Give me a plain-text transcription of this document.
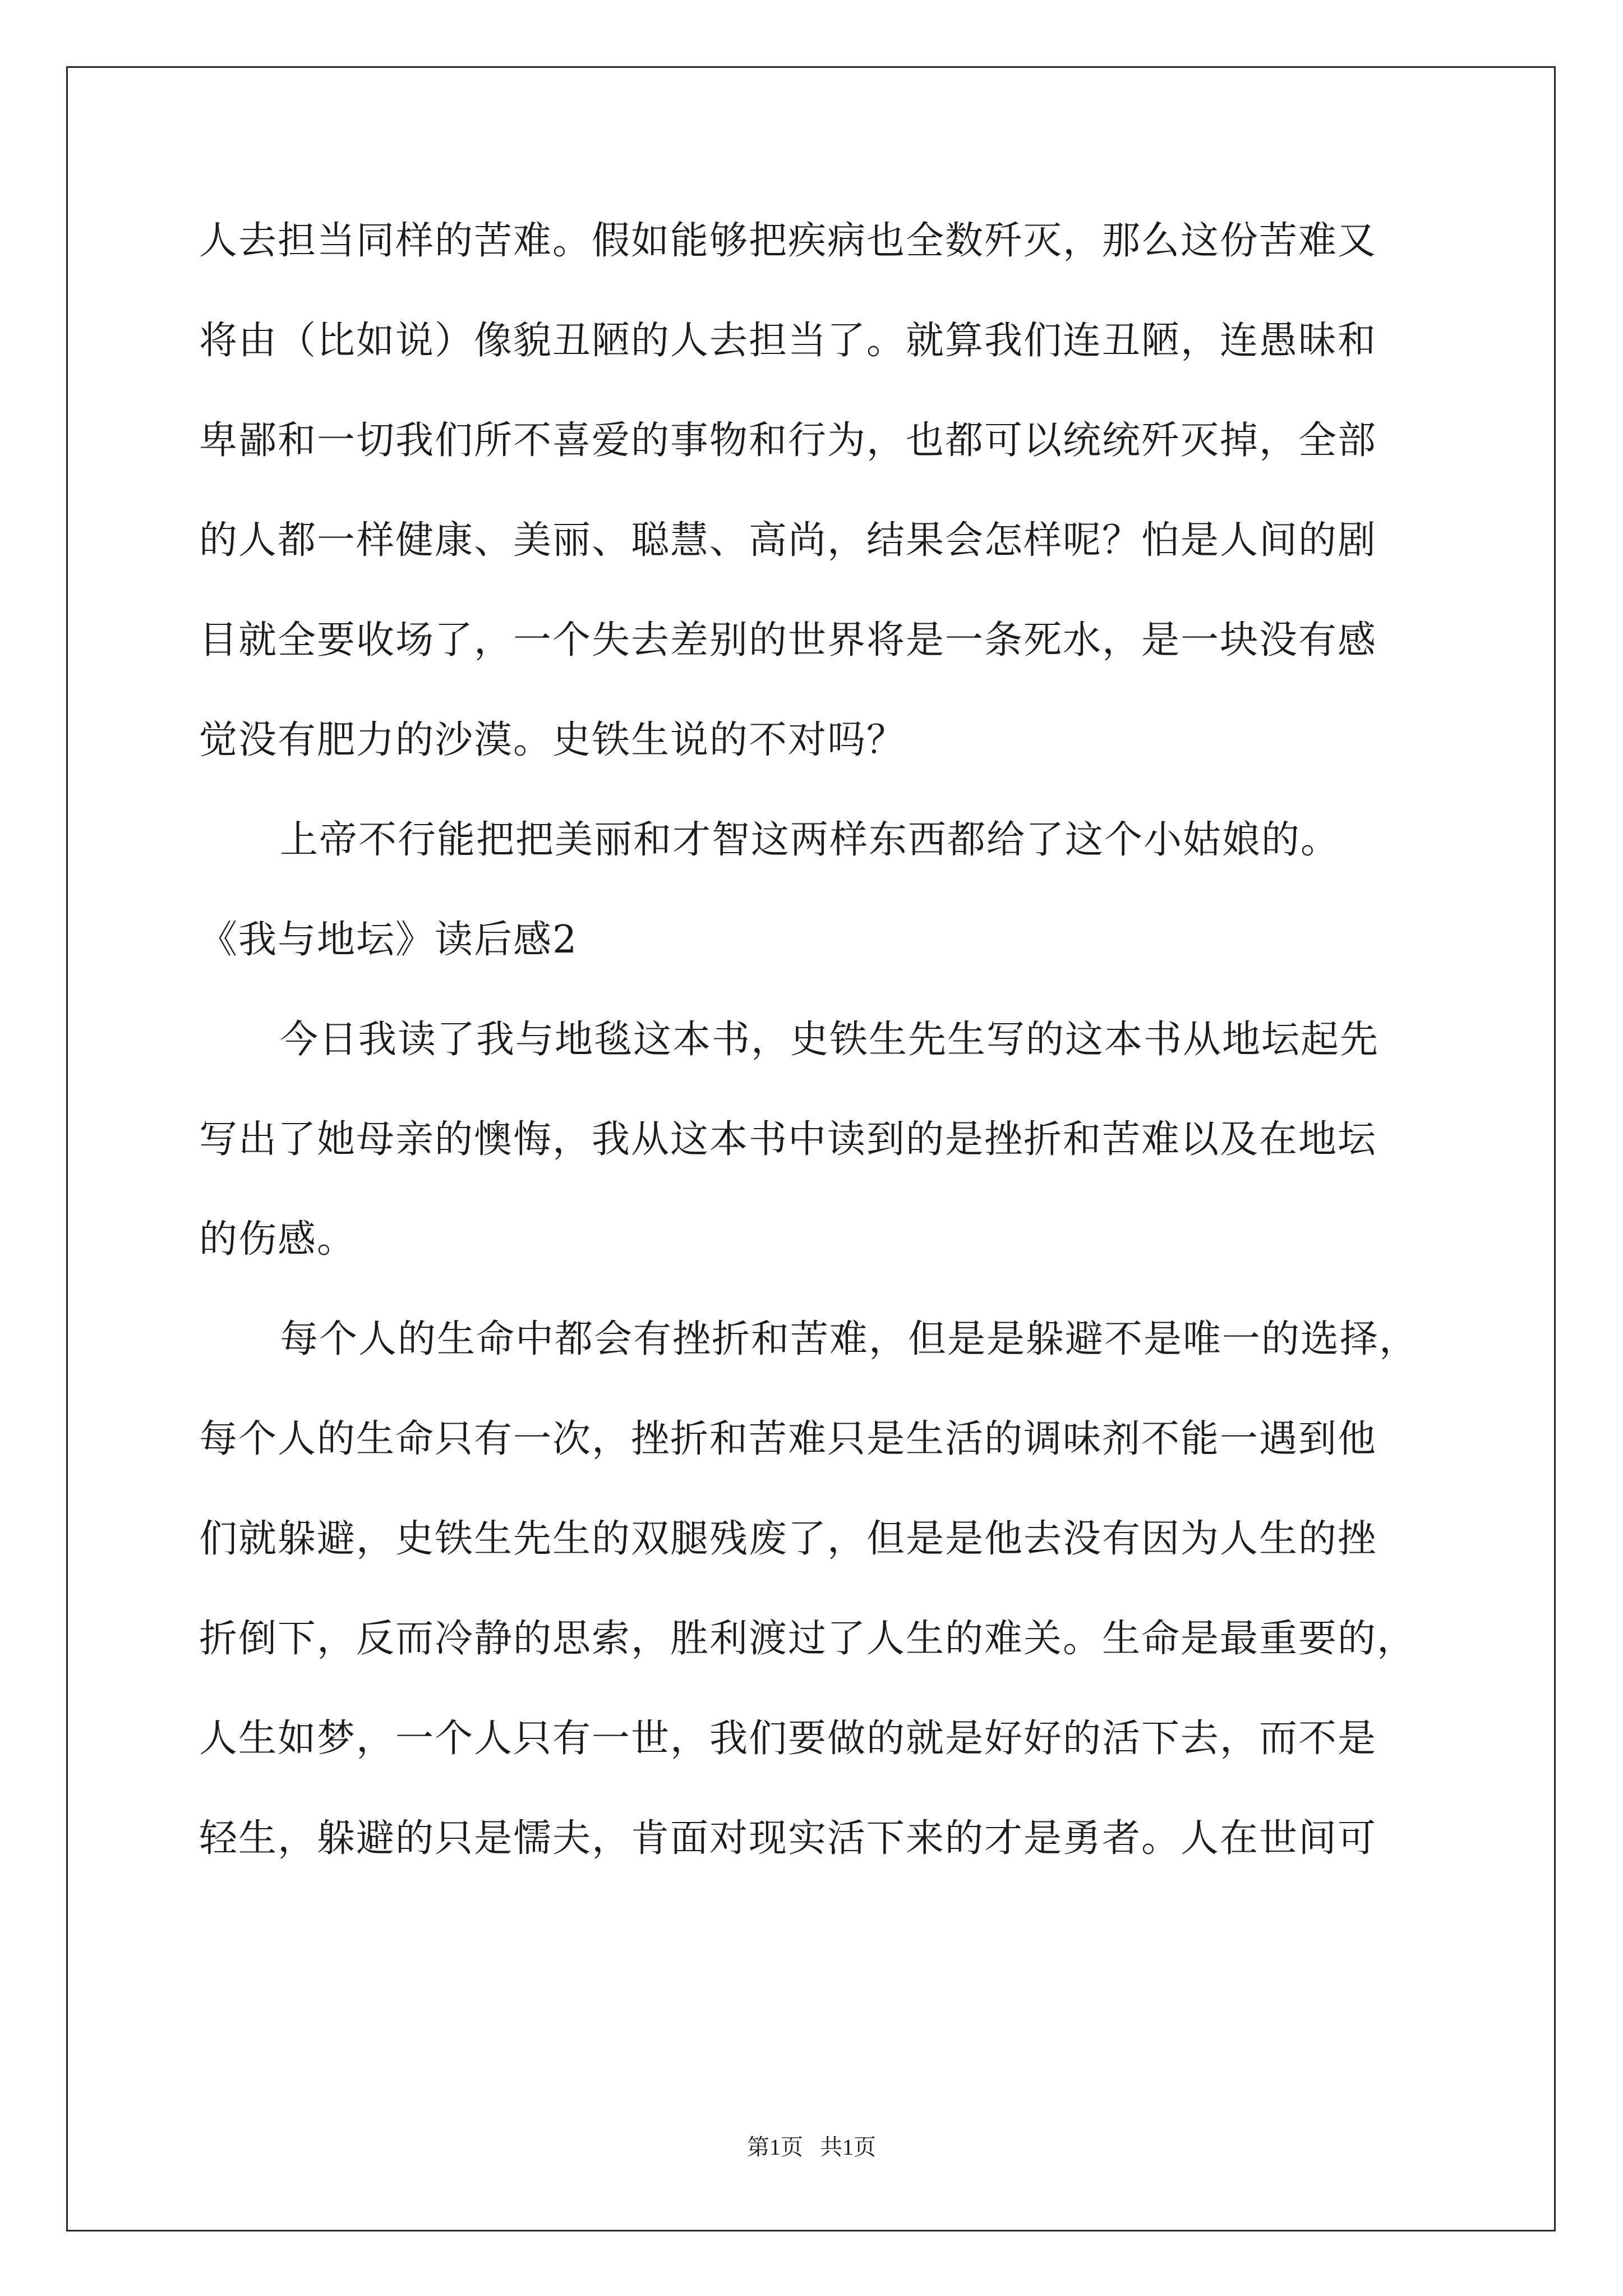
人去担当同样的苦难。假如能够把疾病也全数歼灭，那么这份苦难又
将由（比如说）像貌丑陋的人去担当了。就算我们连丑陋，连愚昧和
卑鄙和一切我们所不喜爱的事物和行为，也都可以统统歼灭掉，全部
的人都一样健康、美丽、聪慧、高尚，结果会怎样呢？怕是人间的剧
目就全要收场了，一个失去差别的世界将是一条死水，是一块没有感
觉没有肥力的沙漠。史铁生说的不对吗？
上帝不行能把把美丽和才智这两样东西都给了这个小姑娘的。
《我与地坛》读后感2
今日我读了我与地毯这本书，史铁生先生写的这本书从地坛起先
写出了她母亲的懊悔，我从这本书中读到的是挫折和苦难以及在地坛
的伤感。
每个人的生命中都会有挫折和苦难，但是是躲避不是唯一的选择，
每个人的生命只有一次，挫折和苦难只是生活的调味剂不能一遇到他
们就躲避，史铁生先生的双腿残废了，但是是他去没有因为人生的挫
折倒下，反而冷静的思索，胜利渡过了人生的难关。生命是最重要的，
人生如梦，一个人只有一世，我们要做的就是好好的活下去，而不是
轻生，躲避的只是懦夫，肯面对现实活下来的才是勇者。人在世间可
第1页   共1页
